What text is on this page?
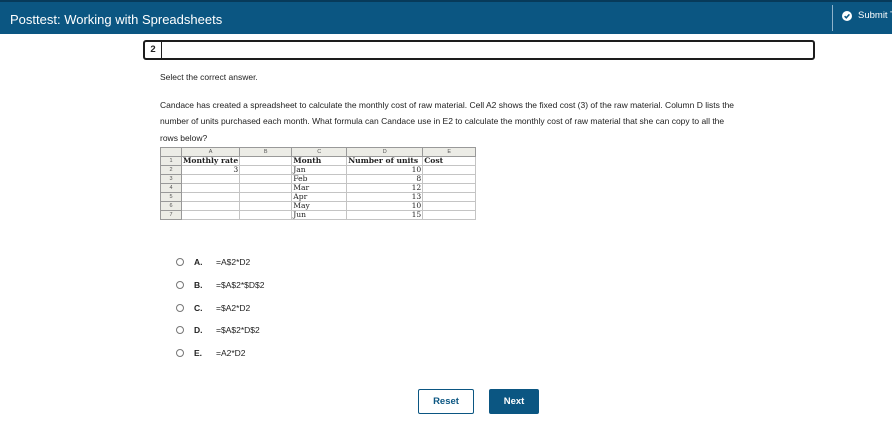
Posttest: Working with Spreadsheets	Submit T
2
Select the correct answer.
Candace has created a spreadsheet to calculate the monthly cost of raw material. Cell A2 shows the fixed cost (3) of the raw material. Column D lists the
number of units purchased each month. What formula can Candace use in E2 to calculate the monthly cost of raw material that she can copy to all the
rows below?
	A	B	C	D	E
1	Monthly rate		Month	Number of units	Cost
2	3		Jan	10	
3			Feb	8	
4			Mar	12	
5			Apr	13	
6			May	10	
7			Jun	15	
A.	=A$2*D2
B.	=$A$2*$D$2
C.	=$A2*D2
D.	=$A$2*D$2
E.	=A2*D2
Reset	Next
